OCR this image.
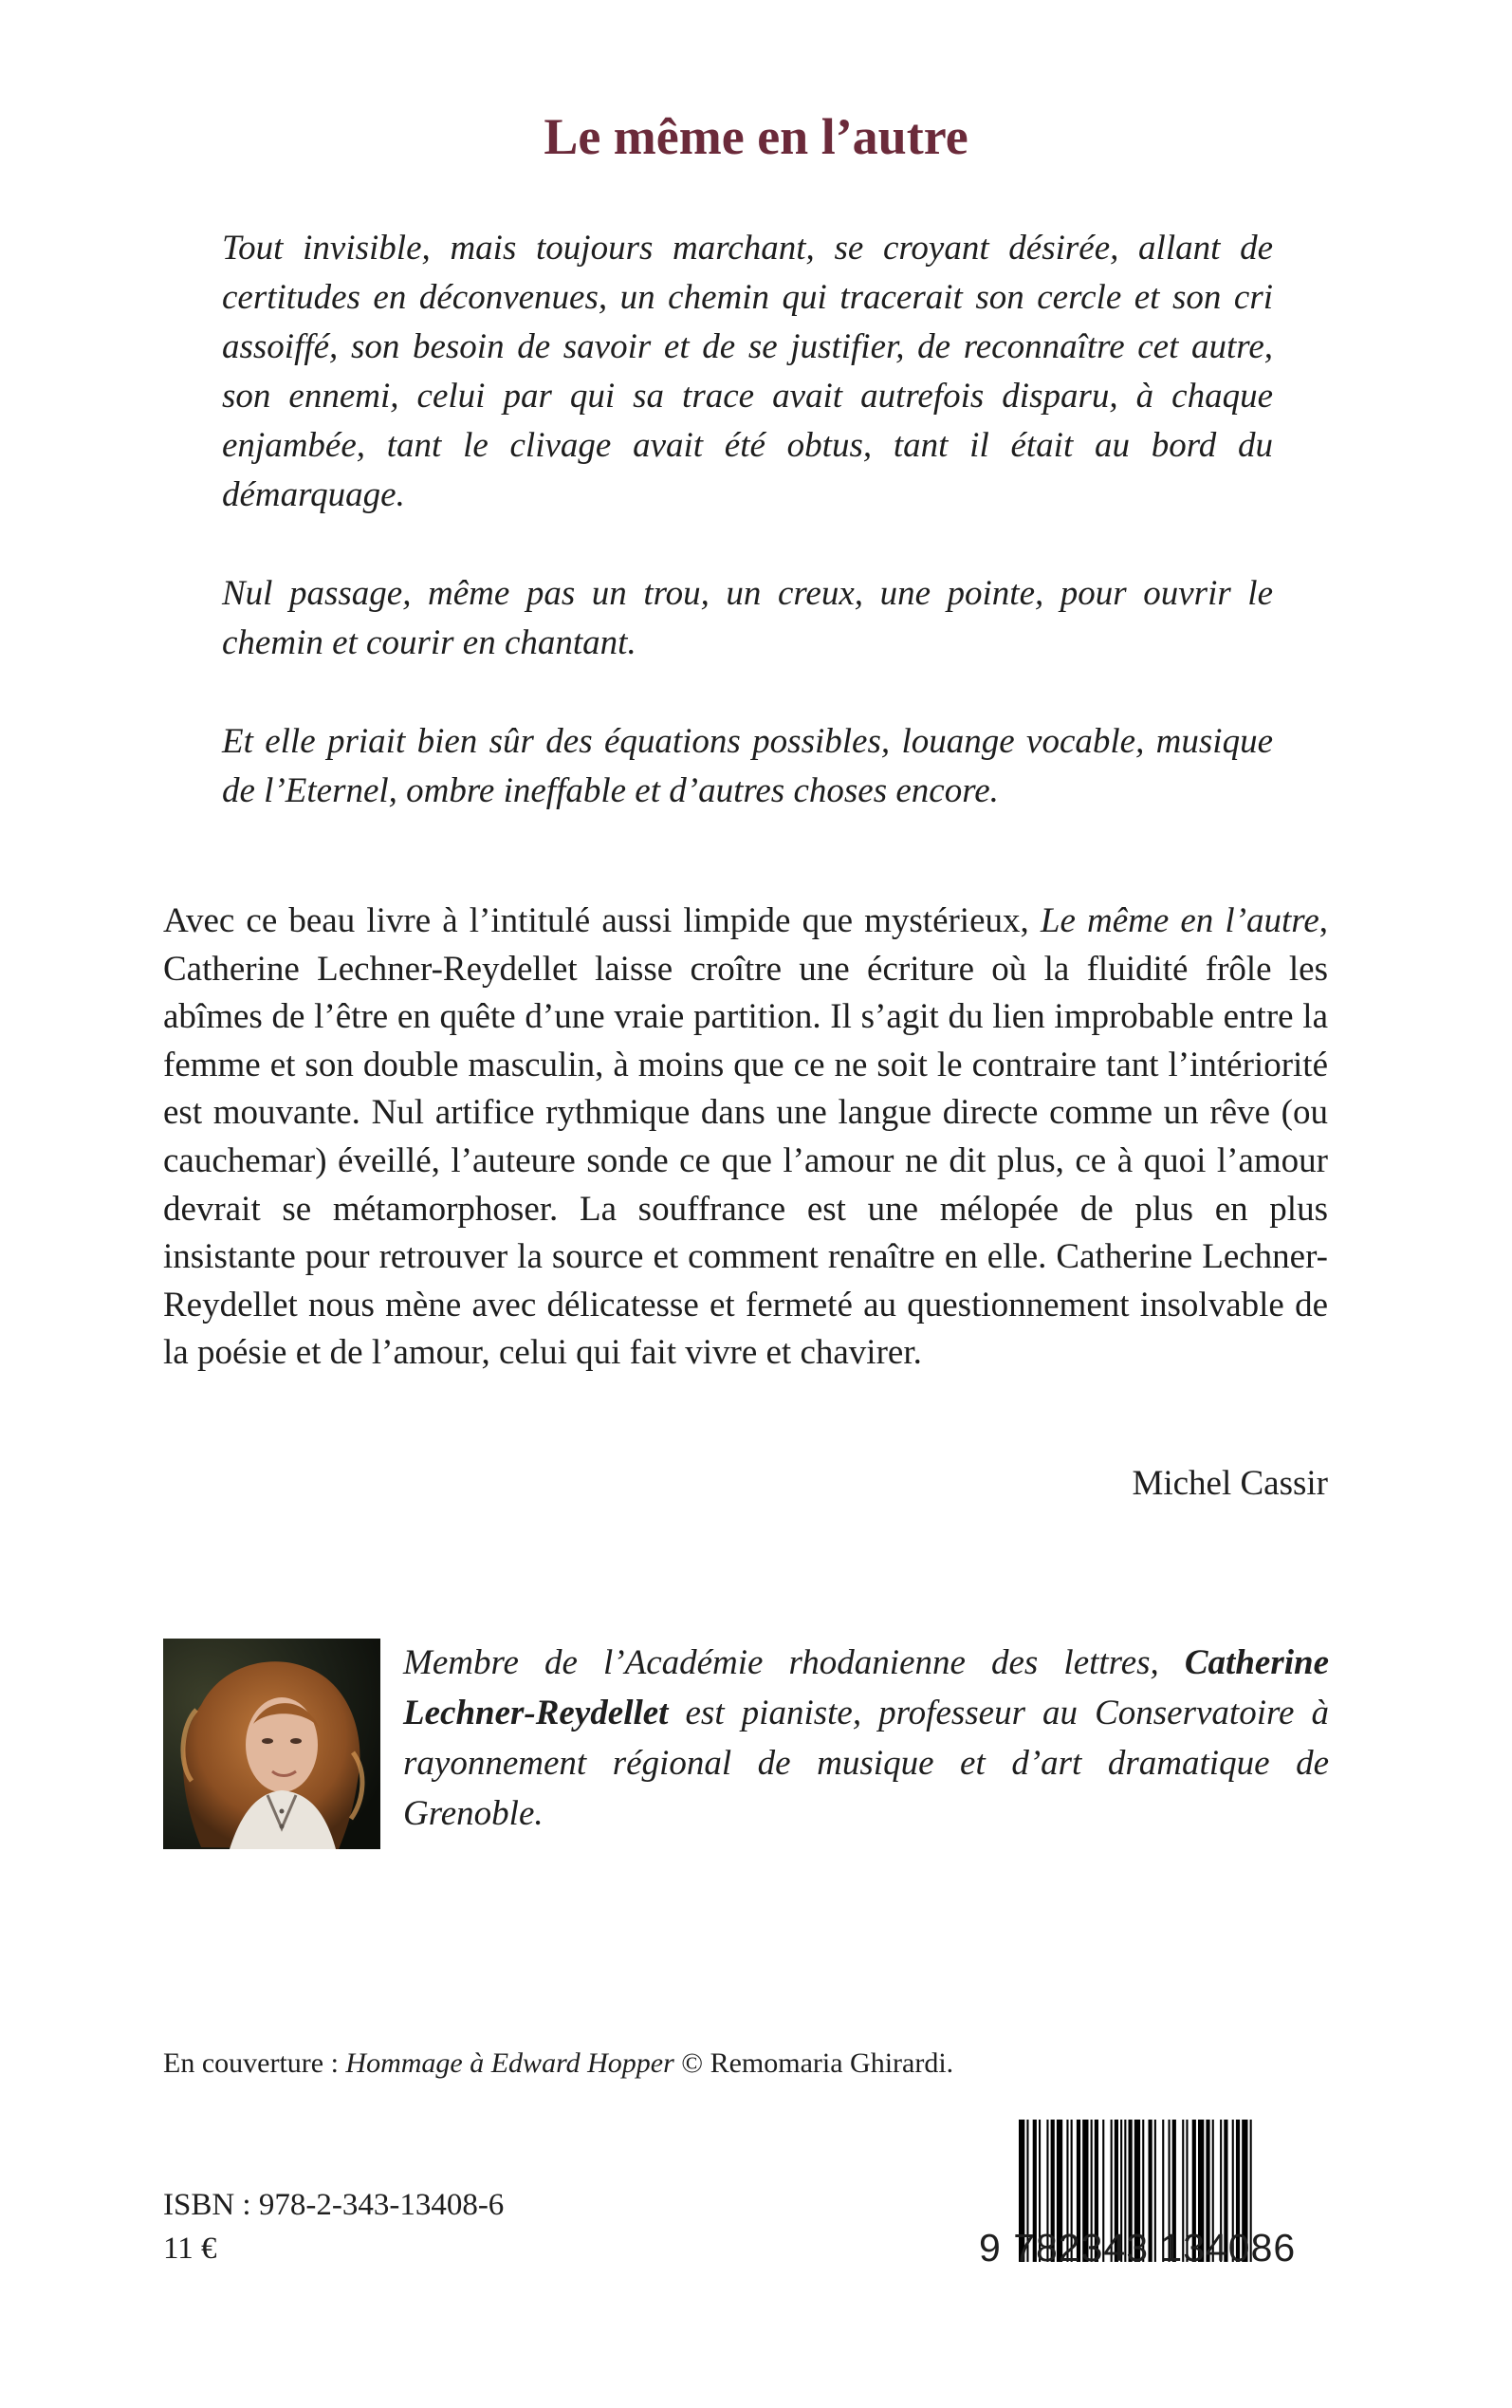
Le même en l’autre

Tout invisible, mais toujours marchant, se croyant désirée, allant de certitudes en déconvenues, un chemin qui tracerait son cercle et son cri assoiffé, son besoin de savoir et de se justifier, de reconnaître cet autre, son ennemi, celui par qui sa trace avait autrefois disparu, à chaque enjambée, tant le clivage avait été obtus, tant il était au bord du démarquage.

Nul passage, même pas un trou, un creux, une pointe, pour ouvrir le chemin et courir en chantant.

Et elle priait bien sûr des équations possibles, louange vocable, musique de l’Eternel, ombre ineffable et d’autres choses encore.

Avec ce beau livre à l’intitulé aussi limpide que mystérieux, Le même en l’autre, Catherine Lechner-Reydellet laisse croître une écriture où la fluidité frôle les abîmes de l’être en quête d’une vraie partition. Il s’agit du lien improbable entre la femme et son double masculin, à moins que ce ne soit le contraire tant l’intériorité est mouvante. Nul artifice rythmique dans une langue directe comme un rêve (ou cauchemar) éveillé, l’auteure sonde ce que l’amour ne dit plus, ce à quoi l’amour devrait se métamorphoser. La souffrance est une mélopée de plus en plus insistante pour retrouver la source et comment renaître en elle. Catherine Lechner-Reydellet nous mène avec délicatesse et fermeté au questionnement insolvable de la poésie et de l’amour, celui qui fait vivre et chavirer.

Michel Cassir

Membre de l’Académie rhodanienne des lettres, Catherine Lechner-Reydellet est pianiste, professeur au Conservatoire à rayonnement régional de musique et d’art dramatique de Grenoble.

En couverture : Hommage à Edward Hopper © Remomaria Ghirardi.
ISBN : 978-2-343-13408-6
11 €	9 782343 134086
